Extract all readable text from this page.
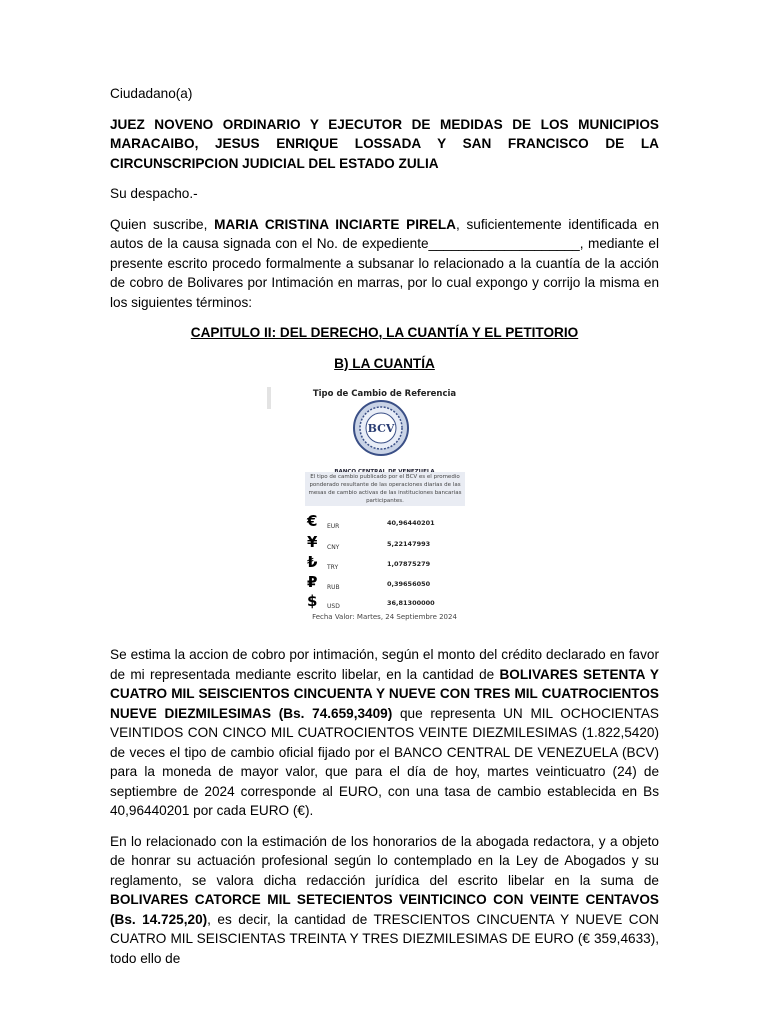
Ciudadano(a)

JUEZ NOVENO ORDINARIO Y EJECUTOR DE MEDIDAS DE LOS MUNICIPIOS MARACAIBO, JESUS ENRIQUE LOSSADA Y SAN FRANCISCO DE LA CIRCUNSCRIPCION JUDICIAL DEL ESTADO ZULIA

Su despacho.-

Quien suscribe, MARIA CRISTINA INCIARTE PIRELA, suficientemente identificada en autos de la causa signada con el No. de expediente____________________, mediante el presente escrito procedo formalmente a subsanar lo relacionado a la cuantía de la acción de cobro de Bolivares por Intimación en marras, por lo cual expongo y corrijo la misma en los siguientes términos:

CAPITULO II: DEL DERECHO, LA CUANTÍA Y EL PETITORIO

B) LA CUANTÍA

Tipo de Cambio de Referencia
BCV
El tipo de cambio publicado por el BCV es el promedio ponderado resultante de las operaciones diarias de las mesas de cambio activas de las instituciones bancarias participantes.
€ EUR	40,96440201
¥ CNY	5,22147993
₺ TRY	1,07875279
₽ RUB	0,39656050
$ USD	36,81300000
Fecha Valor: Martes, 24 Septiembre 2024

Se estima la accion de cobro por intimación, según el monto del crédito declarado en favor de mi representada mediante escrito libelar, en la cantidad de BOLIVARES SETENTA Y CUATRO MIL SEISCIENTOS CINCUENTA Y NUEVE CON TRES MIL CUATROCIENTOS NUEVE DIEZMILESIMAS (Bs. 74.659,3409) que representa UN MIL OCHOCIENTAS VEINTIDOS CON CINCO MIL CUATROCIENTOS VEINTE DIEZMILESIMAS (1.822,5420) de veces el tipo de cambio oficial fijado por el BANCO CENTRAL DE VENEZUELA (BCV) para la moneda de mayor valor, que para el día de hoy, martes veinticuatro (24) de septiembre de 2024 corresponde al EURO, con una tasa de cambio establecida en Bs 40,96440201 por cada EURO (€).

En lo relacionado con la estimación de los honorarios de la abogada redactora, y a objeto de honrar su actuación profesional según lo contemplado en la Ley de Abogados y su reglamento, se valora dicha redacción jurídica del escrito libelar en la suma de BOLIVARES CATORCE MIL SETECIENTOS VEINTICINCO CON VEINTE CENTAVOS (Bs. 14.725,20), es decir, la cantidad de TRESCIENTOS CINCUENTA Y NUEVE CON CUATRO MIL SEISCIENTAS TREINTA Y TRES DIEZMILESIMAS DE EURO (€ 359,4633), todo ello de
